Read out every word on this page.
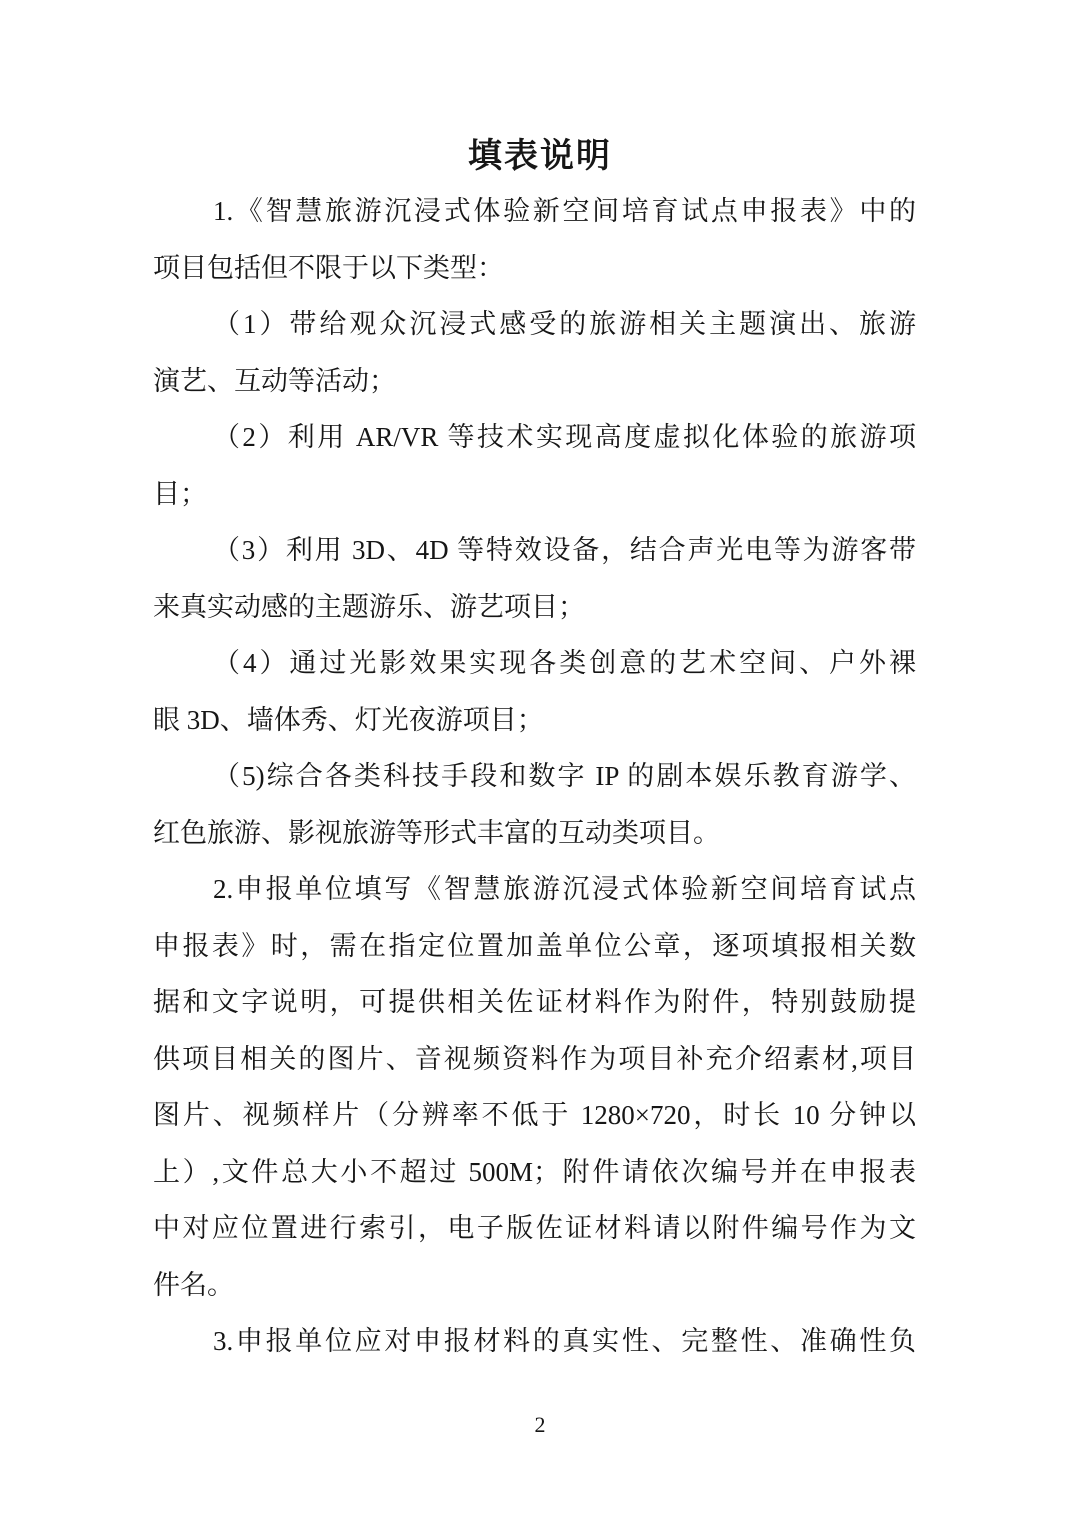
填表说明
1.《智慧旅游沉浸式体验新空间培育试点申报表》中的
项目包括但不限于以下类型：
（1）带给观众沉浸式感受的旅游相关主题演出、旅游
演艺、互动等活动；
（2）利用 AR/VR 等技术实现高度虚拟化体验的旅游项
目；
（3）利用 3D、4D 等特效设备，结合声光电等为游客带
来真实动感的主题游乐、游艺项目；
（4）通过光影效果实现各类创意的艺术空间、户外裸
眼 3D、墙体秀、灯光夜游项目；
（5)综合各类科技手段和数字 IP 的剧本娱乐教育游学、
红色旅游、影视旅游等形式丰富的互动类项目。
2.申报单位填写《智慧旅游沉浸式体验新空间培育试点
申报表》时，需在指定位置加盖单位公章，逐项填报相关数
据和文字说明，可提供相关佐证材料作为附件，特别鼓励提
供项目相关的图片、音视频资料作为项目补充介绍素材,项目
图片、视频样片（分辨率不低于 1280×720，时长 10 分钟以
上）,文件总大小不超过 500M；附件请依次编号并在申报表
中对应位置进行索引，电子版佐证材料请以附件编号作为文
件名。
3.申报单位应对申报材料的真实性、完整性、准确性负
2
